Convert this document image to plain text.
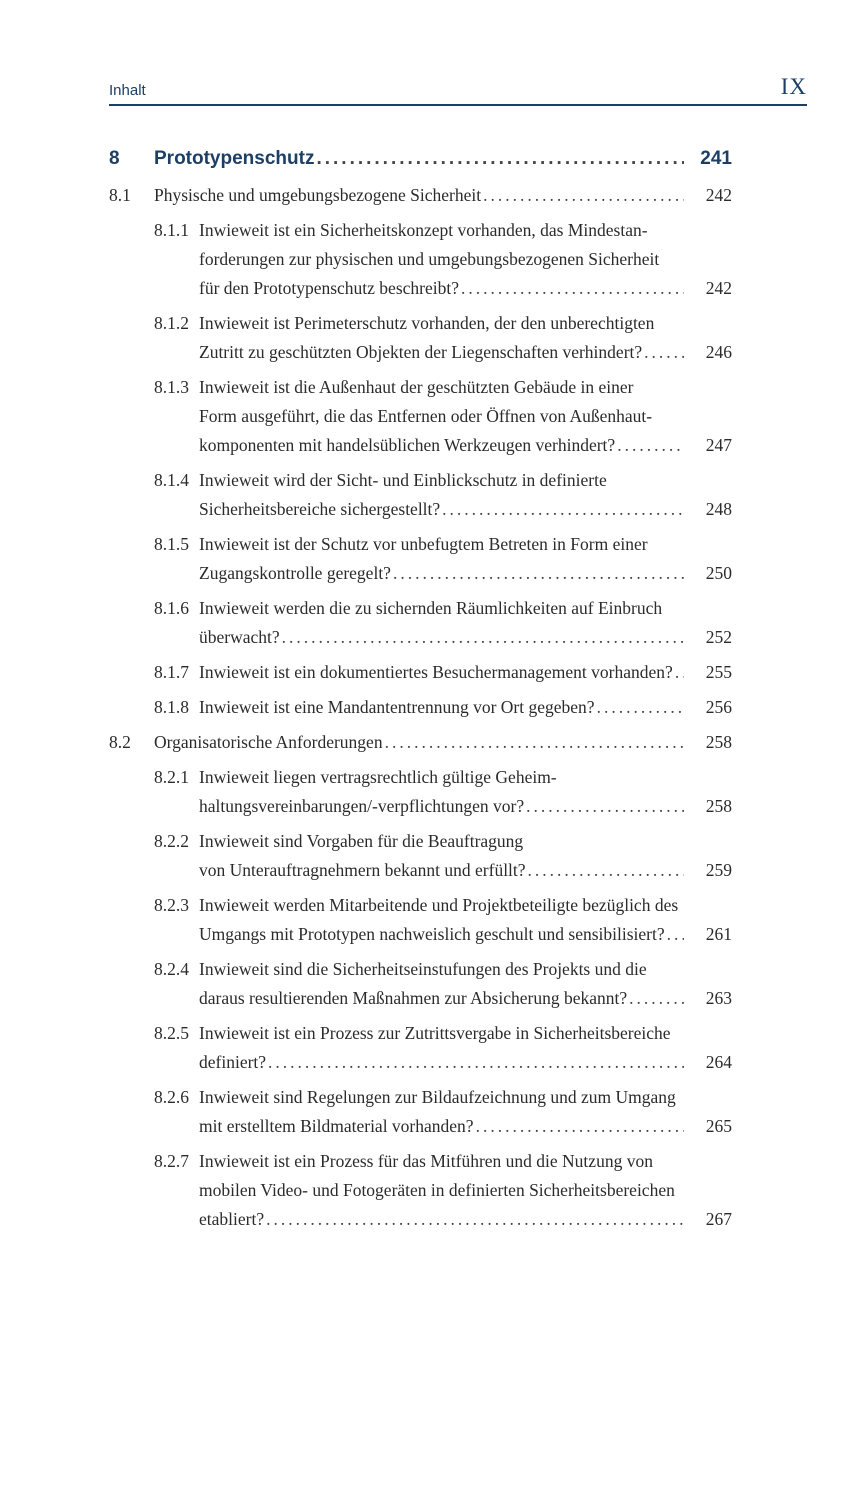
Inhalt	IX
8 Prototypenschutz .....	241
8.1 Physische und umgebungsbezogene Sicherheit .....	242
8.1.1 Inwieweit ist ein Sicherheitskonzept vorhanden, das Mindestan-
forderungen zur physischen und umgebungsbezogenen Sicherheit
für den Prototypenschutz beschreibt? .....	242
8.1.2 Inwieweit ist Perimeterschutz vorhanden, der den unberechtigten
Zutritt zu geschützten Objekten der Liegenschaften verhindert? .....	246
8.1.3 Inwieweit ist die Außenhaut der geschützten Gebäude in einer
Form ausgeführt, die das Entfernen oder Öffnen von Außenhaut-
komponenten mit handelsüblichen Werkzeugen verhindert? .....	247
8.1.4 Inwieweit wird der Sicht- und Einblickschutz in definierte
Sicherheitsbereiche sichergestellt? .....	248
8.1.5 Inwieweit ist der Schutz vor unbefugtem Betreten in Form einer
Zugangskontrolle geregelt? .....	250
8.1.6 Inwieweit werden die zu sichernden Räumlichkeiten auf Einbruch
überwacht? .....	252
8.1.7 Inwieweit ist ein dokumentiertes Besuchermanagement vorhanden? .....	255
8.1.8 Inwieweit ist eine Mandantentrennung vor Ort gegeben? .....	256
8.2 Organisatorische Anforderungen .....	258
8.2.1 Inwieweit liegen vertragsrechtlich gültige Geheim-
haltungsvereinbarungen/-verpflichtungen vor? .....	258
8.2.2 Inwieweit sind Vorgaben für die Beauftragung
von Unterauftragnehmern bekannt und erfüllt? .....	259
8.2.3 Inwieweit werden Mitarbeitende und Projektbeteiligte bezüglich des
Umgangs mit Prototypen nachweislich geschult und sensibilisiert? .....	261
8.2.4 Inwieweit sind die Sicherheitseinstufungen des Projekts und die
daraus resultierenden Maßnahmen zur Absicherung bekannt? .....	263
8.2.5 Inwieweit ist ein Prozess zur Zutrittsvergabe in Sicherheitsbereiche
definiert? .....	264
8.2.6 Inwieweit sind Regelungen zur Bildaufzeichnung und zum Umgang
mit erstelltem Bildmaterial vorhanden? .....	265
8.2.7 Inwieweit ist ein Prozess für das Mitführen und die Nutzung von
mobilen Video- und Fotogeräten in definierten Sicherheitsbereichen
etabliert? .....	267
